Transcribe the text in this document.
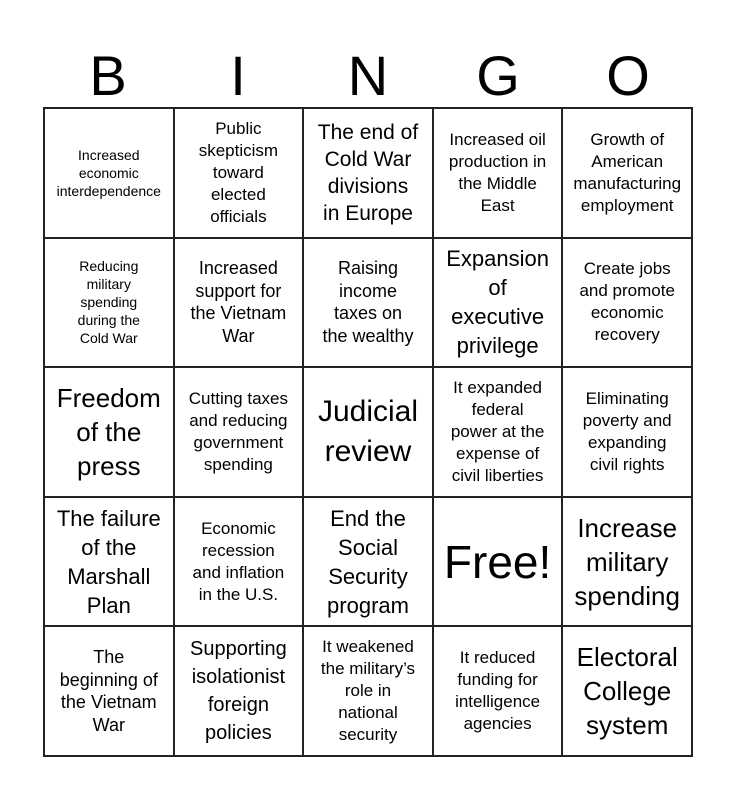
B	I	N	G	O
Increased
economic
interdependence
Public
skepticism
toward
elected
officials
The end of
Cold War
divisions
in Europe
Increased oil
production in
the Middle
East
Growth of
American
manufacturing
employment
Reducing
military
spending
during the
Cold War
Increased
support for
the Vietnam
War
Raising
income
taxes on
the wealthy
Expansion
of
executive
privilege
Create jobs
and promote
economic
recovery
Freedom
of the
press
Cutting taxes
and reducing
government
spending
Judicial
review
It expanded
federal
power at the
expense of
civil liberties
Eliminating
poverty and
expanding
civil rights
The failure
of the
Marshall
Plan
Economic
recession
and inflation
in the U.S.
End the
Social
Security
program
Free!
Increase
military
spending
The
beginning of
the Vietnam
War
Supporting
isolationist
foreign
policies
It weakened
the military’s
role in
national
security
It reduced
funding for
intelligence
agencies
Electoral
College
system
